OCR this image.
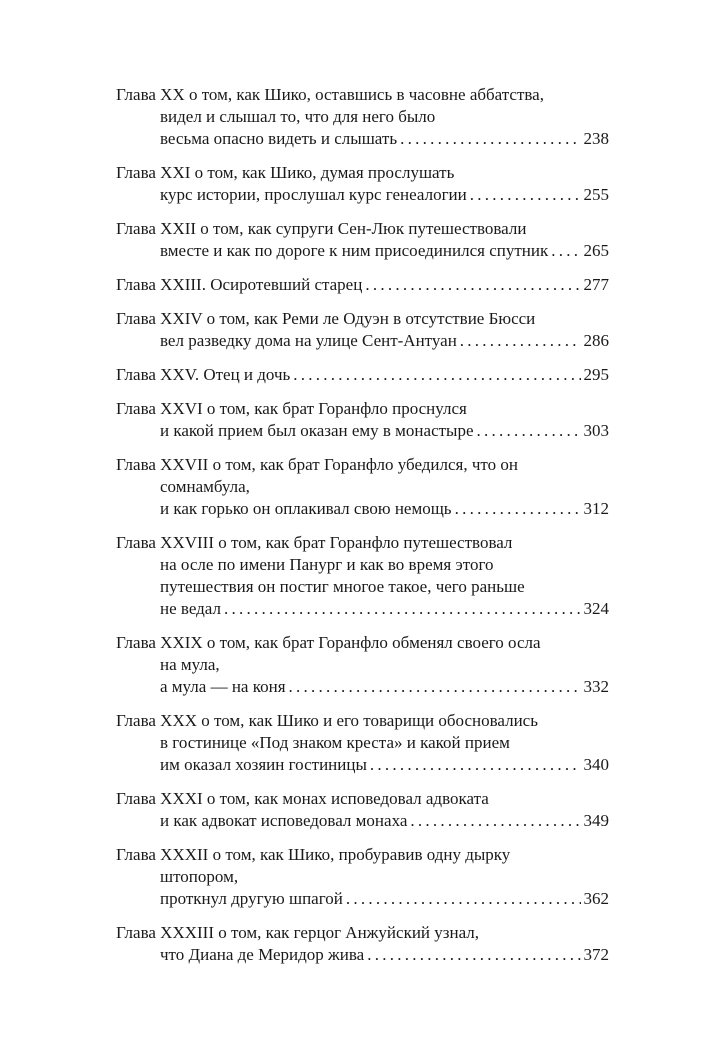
Глава XX о том, как Шико, оставшись в часовне аббатства,
видел и слышал то, что для него было
весьма опасно видеть и слышать . . .	238
Глава XXI о том, как Шико, думая прослушать
курс истории, прослушал курс генеалогии . . .	255
Глава XXII о том, как супруги Сен-Люк путешествовали
вместе и как по дороге к ним присоединился спутник . . . 265
Глава XXIII. Осиротевший старец . . .	277
Глава XXIV о том, как Реми ле Одуэн в отсутствие Бюсси
вел разведку дома на улице Сент-Антуан . . .	286
Глава XXV. Отец и дочь . . .	295
Глава XXVI о том, как брат Горанфло проснулся
и какой прием был оказан ему в монастыре . . .	303
Глава XXVII о том, как брат Горанфло убедился, что он
сомнамбула,
и как горько он оплакивал свою немощь . . .	312
Глава XXVIII о том, как брат Горанфло путешествовал
на осле по имени Панург и как во время этого
путешествия он постиг многое такое, чего раньше
не ведал . . .	324
Глава XXIX о том, как брат Горанфло обменял своего осла
на мула,
а мула — на коня . . .	332
Глава XXX о том, как Шико и его товарищи обосновались
в гостинице «Под знаком креста» и какой прием
им оказал хозяин гостиницы . . .	340
Глава XXXI о том, как монах исповедовал адвоката
и как адвокат исповедовал монаха . . .	349
Глава XXXII о том, как Шико, пробуравив одну дырку
штопором,
проткнул другую шпагой . . .	362
Глава XXXIII о том, как герцог Анжуйский узнал,
что Диана де Меридор жива . . .	372
